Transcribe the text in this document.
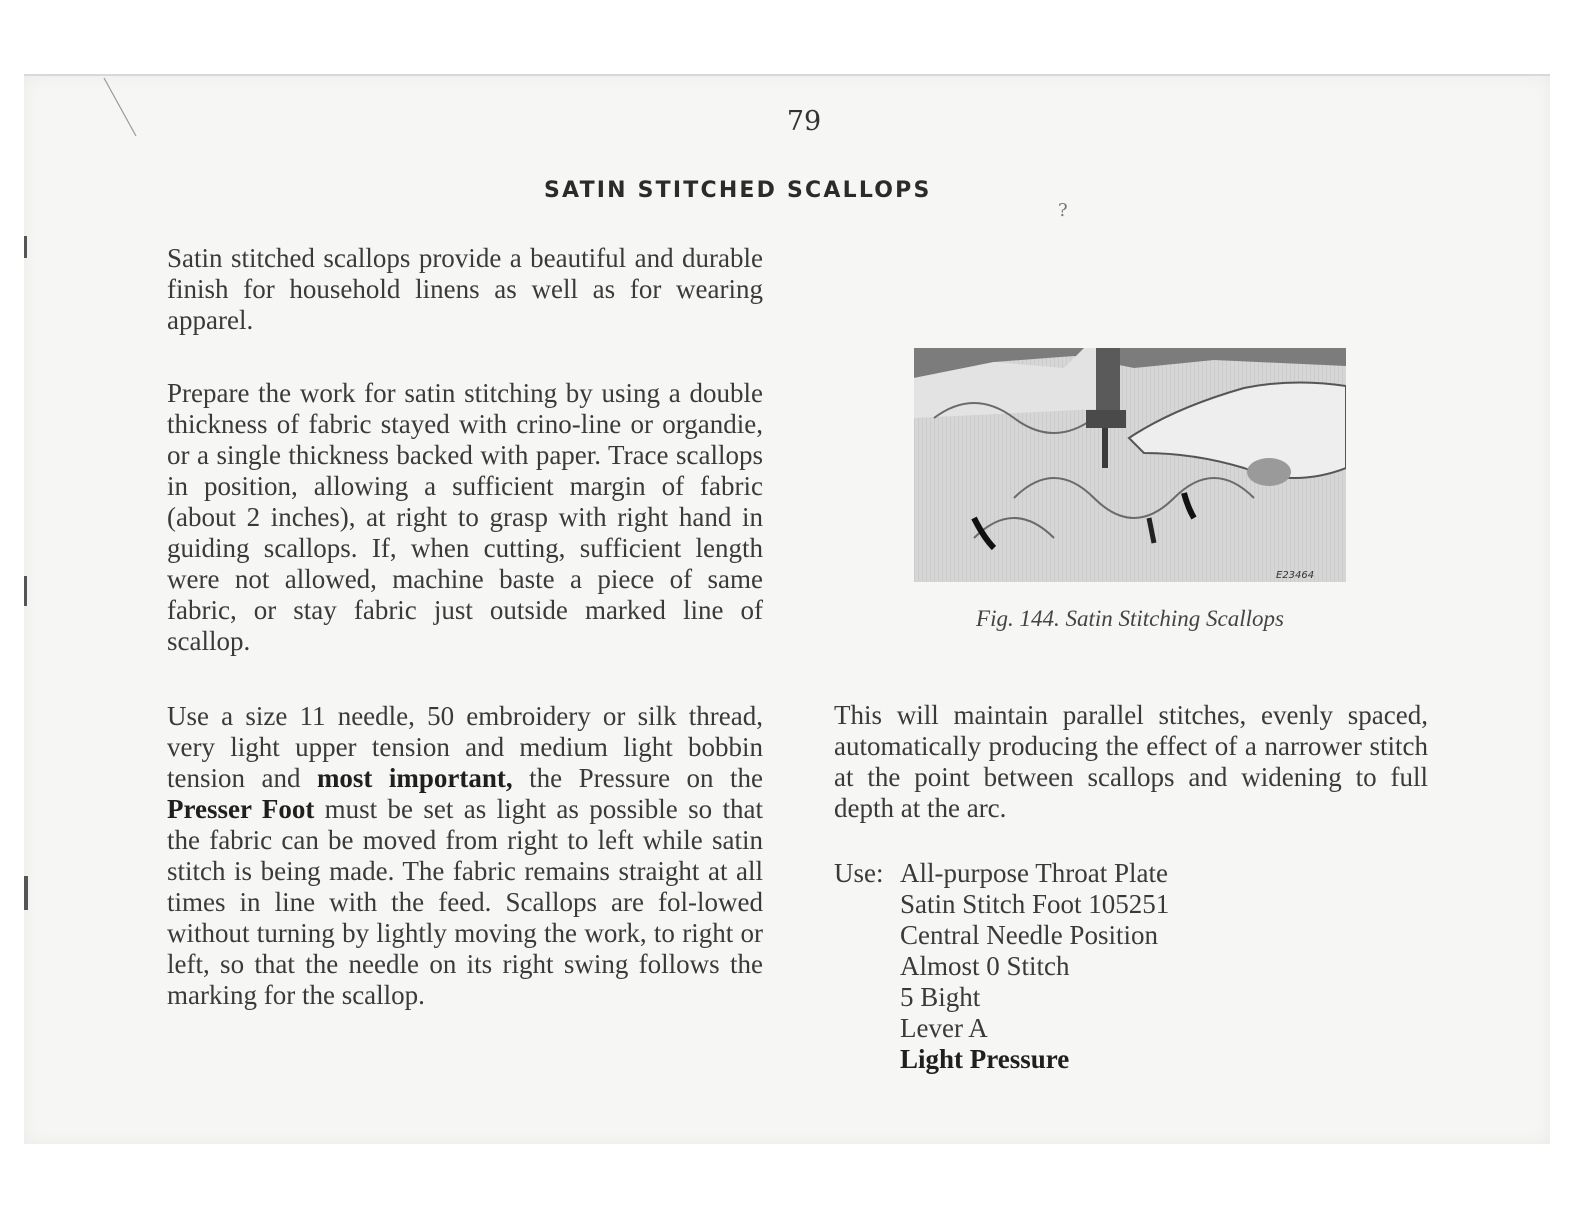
79
SATIN STITCHED SCALLOPS
?

Satin stitched scallops provide a beautiful and durable finish for household linens as well as for wearing apparel.

Prepare the work for satin stitching by using a double thickness of fabric stayed with crino-line or organdie, or a single thickness backed with paper. Trace scallops in position, allowing a sufficient margin of fabric (about 2 inches), at right to grasp with right hand in guiding scallops. If, when cutting, sufficient length were not allowed, machine baste a piece of same fabric, or stay fabric just outside marked line of scallop.

Use a size 11 needle, 50 embroidery or silk thread, very light upper tension and medium light bobbin tension and most important, the Pressure on the Presser Foot must be set as light as possible so that the fabric can be moved from right to left while satin stitch is being made. The fabric remains straight at all times in line with the feed. Scallops are fol-lowed without turning by lightly moving the work, to right or left, so that the needle on its right swing follows the marking for the scallop.

E23464
Fig. 144. Satin Stitching Scallops

This will maintain parallel stitches, evenly spaced, automatically producing the effect of a narrower stitch at the point between scallops and widening to full depth at the arc.

Use: All-purpose Throat Plate
Satin Stitch Foot 105251
Central Needle Position
Almost 0 Stitch
5 Bight
Lever A
Light Pressure
